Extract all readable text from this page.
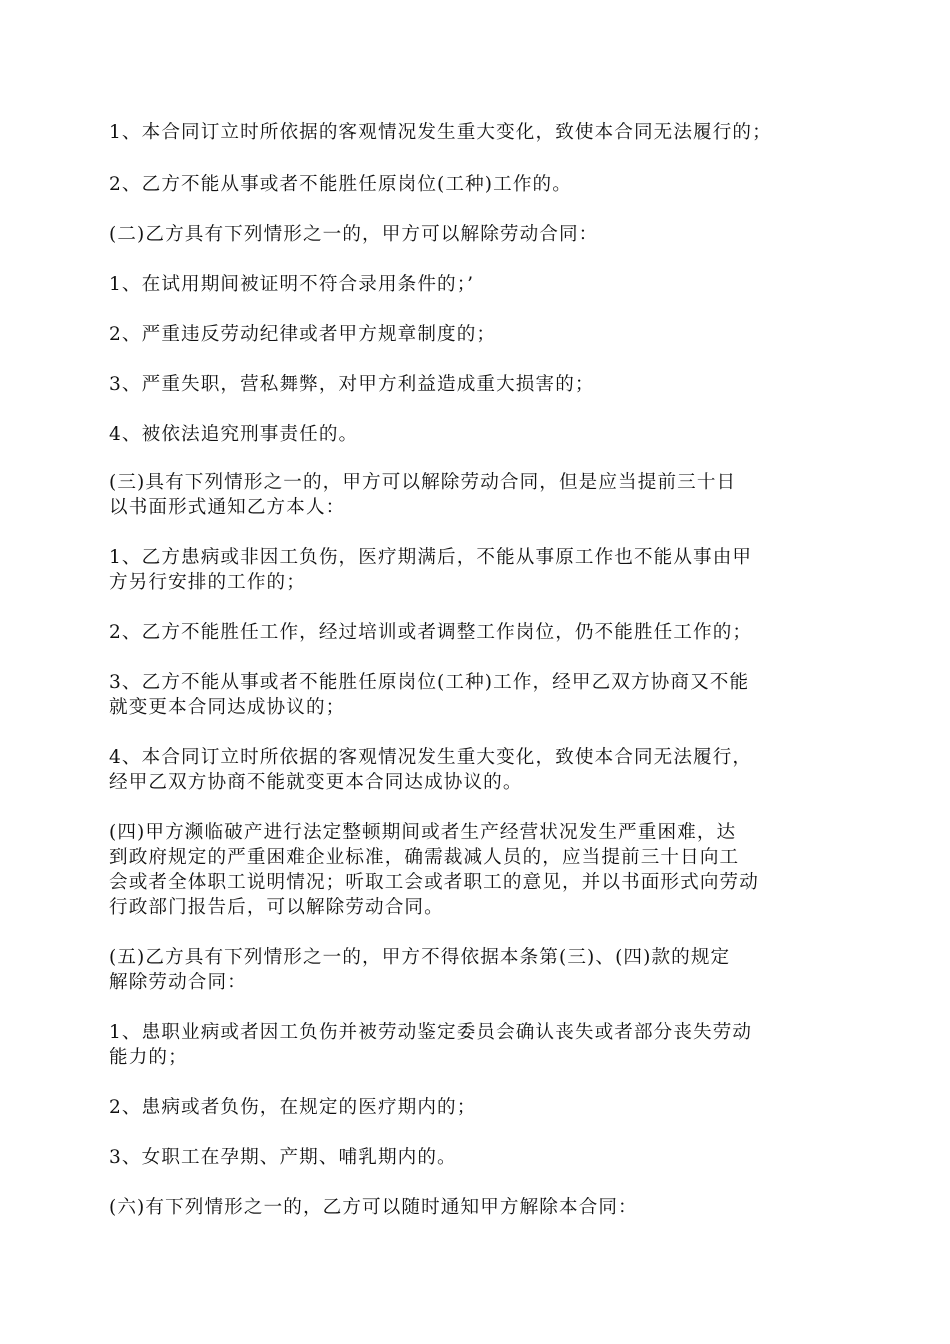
1、本合同订立时所依据的客观情况发生重大变化，致使本合同无法履行的；

2、乙方不能从事或者不能胜任原岗位(工种)工作的。

(二)乙方具有下列情形之一的，甲方可以解除劳动合同：

1、在试用期间被证明不符合录用条件的；’

2、严重违反劳动纪律或者甲方规章制度的；

3、严重失职，营私舞弊，对甲方利益造成重大损害的；

4、被依法追究刑事责任的。

(三)具有下列情形之一的，甲方可以解除劳动合同，但是应当提前三十日
以书面形式通知乙方本人：

1、乙方患病或非因工负伤，医疗期满后，不能从事原工作也不能从事由甲
方另行安排的工作的；

2、乙方不能胜任工作，经过培训或者调整工作岗位，仍不能胜任工作的；

3、乙方不能从事或者不能胜任原岗位(工种)工作，经甲乙双方协商又不能
就变更本合同达成协议的；

4、本合同订立时所依据的客观情况发生重大变化，致使本合同无法履行，
经甲乙双方协商不能就变更本合同达成协议的。

(四)甲方濒临破产进行法定整顿期间或者生产经营状况发生严重困难，达
到政府规定的严重困难企业标准，确需裁减人员的，应当提前三十日向工
会或者全体职工说明情况；听取工会或者职工的意见，并以书面形式向劳动
行政部门报告后，可以解除劳动合同。

(五)乙方具有下列情形之一的，甲方不得依据本条第(三)、(四)款的规定
解除劳动合同：

1、患职业病或者因工负伤并被劳动鉴定委员会确认丧失或者部分丧失劳动
能力的；

2、患病或者负伤，在规定的医疗期内的；

3、女职工在孕期、产期、哺乳期内的。

(六)有下列情形之一的，乙方可以随时通知甲方解除本合同：
